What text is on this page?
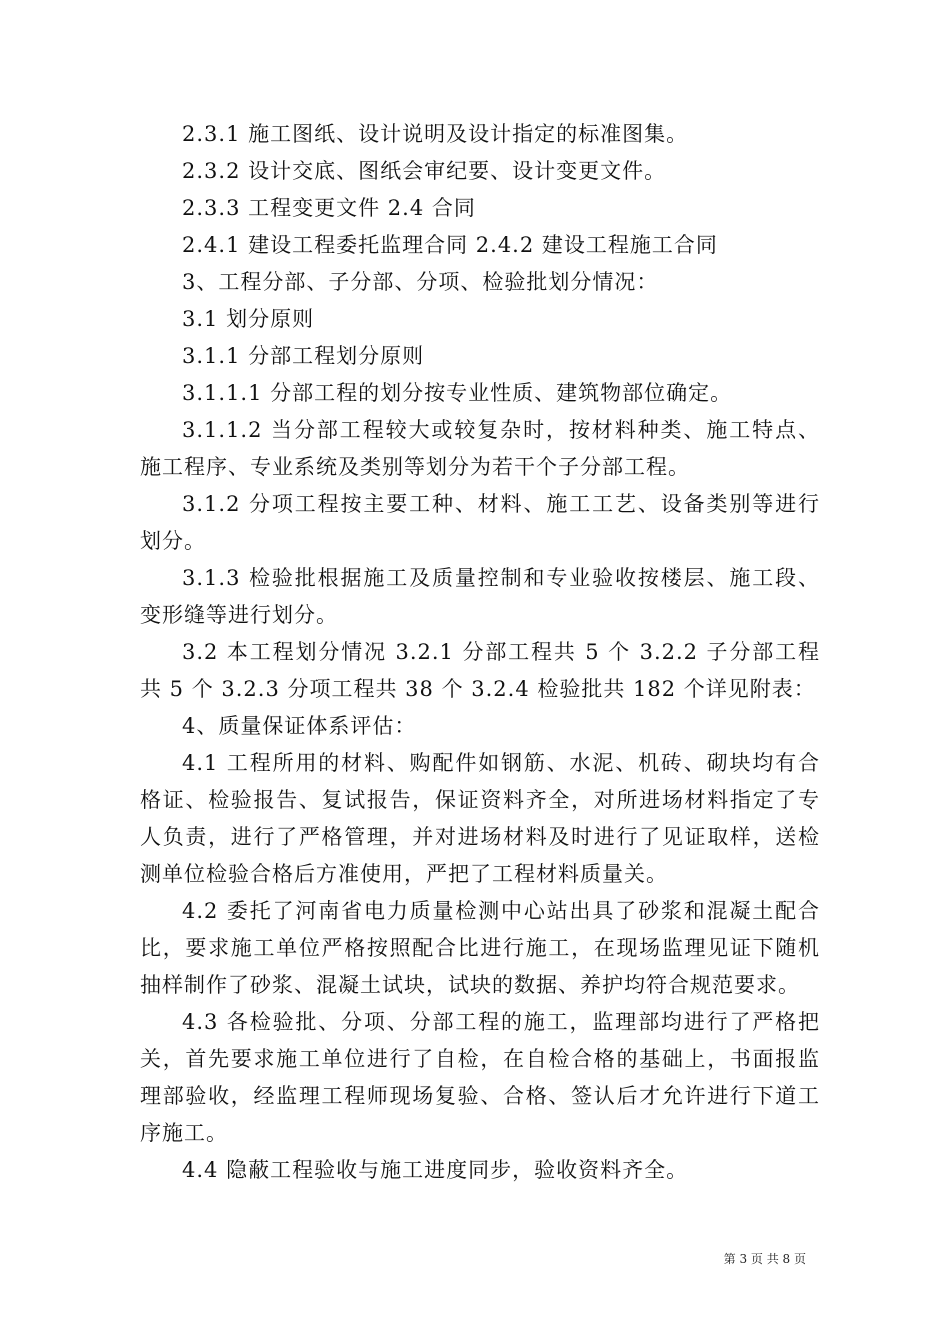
2.3.1 施工图纸、设计说明及设计指定的标准图集。

2.3.2 设计交底、图纸会审纪要、设计变更文件。

2.3.3 工程变更文件 2.4 合同

2.4.1 建设工程委托监理合同 2.4.2 建设工程施工合同

3、工程分部、子分部、分项、检验批划分情况：

3.1 划分原则

3.1.1 分部工程划分原则

3.1.1.1 分部工程的划分按专业性质、建筑物部位确定。

3.1.1.2 当分部工程较大或较复杂时，按材料种类、施工特点、施工程序、专业系统及类别等划分为若干个子分部工程。

3.1.2 分项工程按主要工种、材料、施工工艺、设备类别等进行划分。

3.1.3 检验批根据施工及质量控制和专业验收按楼层、施工段、变形缝等进行划分。

3.2 本工程划分情况 3.2.1 分部工程共 5 个 3.2.2 子分部工程共 5 个 3.2.3 分项工程共 38 个 3.2.4 检验批共 182 个详见附表：

4、质量保证体系评估：

4.1 工程所用的材料、购配件如钢筋、水泥、机砖、砌块均有合格证、检验报告、复试报告，保证资料齐全，对所进场材料指定了专人负责，进行了严格管理，并对进场材料及时进行了见证取样，送检测单位检验合格后方准使用，严把了工程材料质量关。

4.2 委托了河南省电力质量检测中心站出具了砂浆和混凝土配合比，要求施工单位严格按照配合比进行施工，在现场监理见证下随机抽样制作了砂浆、混凝土试块，试块的数据、养护均符合规范要求。

4.3 各检验批、分项、分部工程的施工，监理部均进行了严格把关，首先要求施工单位进行了自检，在自检合格的基础上，书面报监理部验收，经监理工程师现场复验、合格、签认后才允许进行下道工序施工。

4.4 隐蔽工程验收与施工进度同步，验收资料齐全。

第 3 页 共 8 页
